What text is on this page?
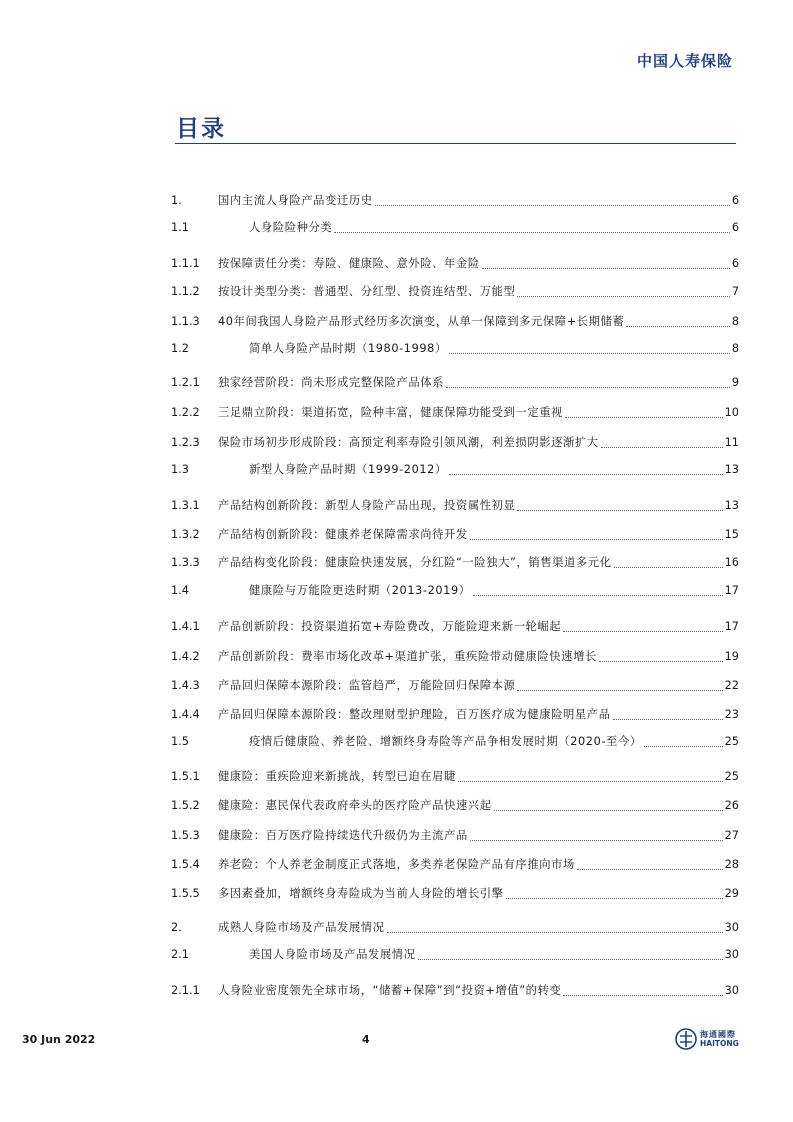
中国人寿保险
目录
1.	国内主流人身险产品变迁历史	6
1.1	人身险险种分类	6
1.1.1	按保障责任分类：寿险、健康险、意外险、年金险	6
1.1.2	按设计类型分类：普通型、分红型、投资连结型、万能型	7
1.1.3	40年间我国人身险产品形式经历多次演变，从单一保障到多元保障+长期储蓄	8
1.2	简单人身险产品时期（1980-1998）	8
1.2.1	独家经营阶段：尚未形成完整保险产品体系	9
1.2.2	三足鼎立阶段：渠道拓宽，险种丰富，健康保障功能受到一定重视	10
1.2.3	保险市场初步形成阶段：高预定利率寿险引领风潮，利差损阴影逐渐扩大	11
1.3	新型人身险产品时期（1999-2012）	13
1.3.1	产品结构创新阶段：新型人身险产品出现，投资属性初显	13
1.3.2	产品结构创新阶段：健康养老保障需求尚待开发	15
1.3.3	产品结构变化阶段：健康险快速发展，分红险“一险独大”，销售渠道多元化	16
1.4	健康险与万能险更迭时期（2013-2019）	17
1.4.1	产品创新阶段：投资渠道拓宽+寿险费改，万能险迎来新一轮崛起	17
1.4.2	产品创新阶段：费率市场化改革+渠道扩张，重疾险带动健康险快速增长	19
1.4.3	产品回归保障本源阶段：监管趋严，万能险回归保障本源	22
1.4.4	产品回归保障本源阶段：整改理财型护理险，百万医疗成为健康险明星产品	23
1.5	疫情后健康险、养老险、增额终身寿险等产品争相发展时期（2020-至今）	25
1.5.1	健康险：重疾险迎来新挑战，转型已迫在眉睫	25
1.5.2	健康险：惠民保代表政府牵头的医疗险产品快速兴起	26
1.5.3	健康险：百万医疗险持续迭代升级仍为主流产品	27
1.5.4	养老险：个人养老金制度正式落地，多类养老保险产品有序推向市场	28
1.5.5	多因素叠加，增额终身寿险成为当前人身险的增长引擎	29
2.	成熟人身险市场及产品发展情况	30
2.1	美国人身险市场及产品发展情况	30
2.1.1	人身险业密度领先全球市场，“储蓄+保障”到“投资+增值”的转变	30
30 Jun 2022	4	海通國際
HAITONG
